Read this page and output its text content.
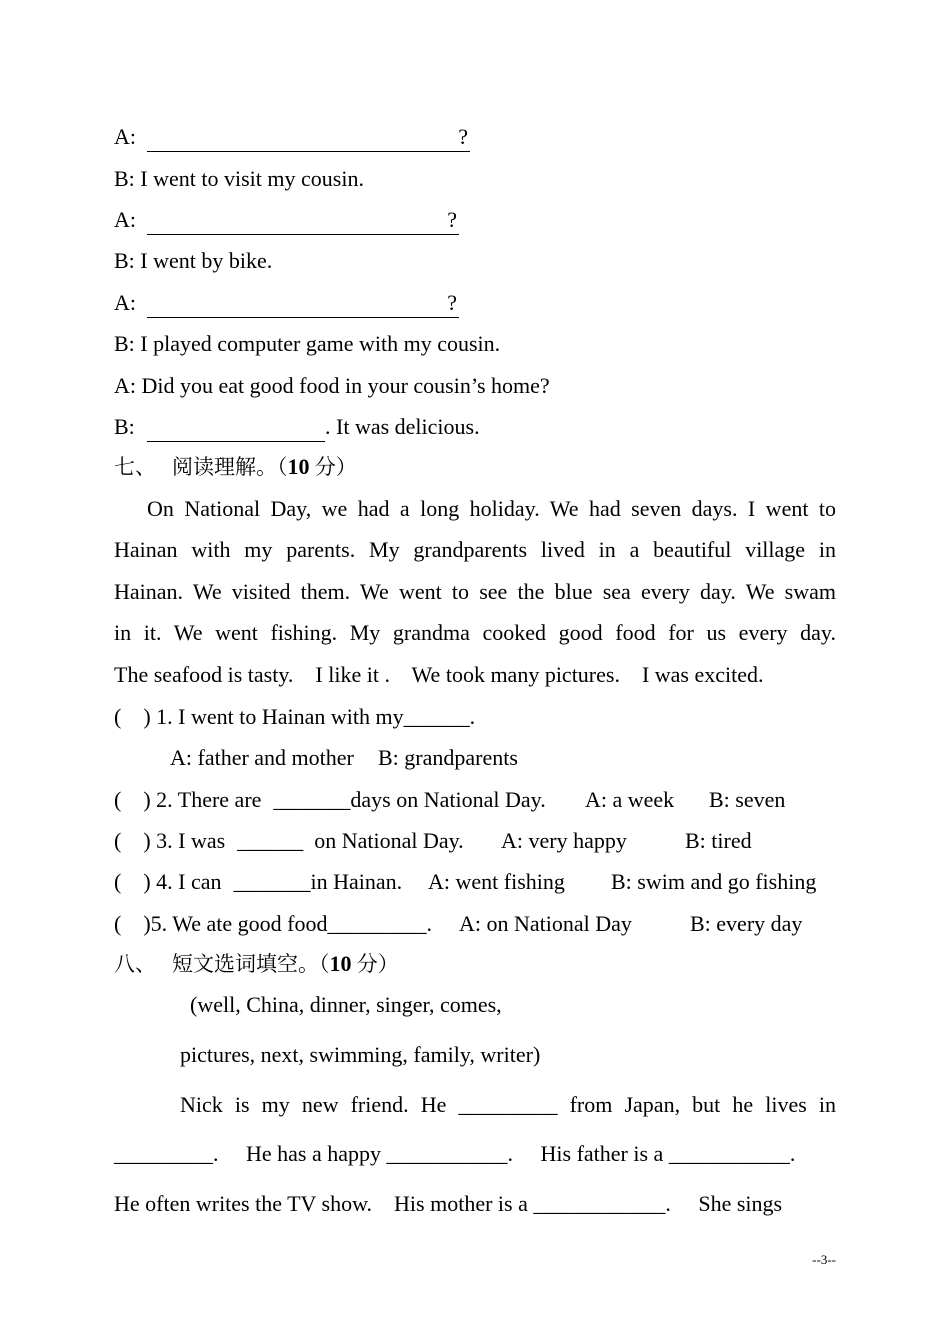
A:	?
B: I went to visit my cousin.
A:	?
B: I went by bike.
A:	?
B: I played computer game with my cousin.
A: Did you eat good food in your cousin’s home?
B:	. It was delicious.
七、 阅读理解。（10 分）
On National Day, we had a long holiday. We had seven days. I went to
Hainan with my parents. My grandparents lived in a beautiful village in
Hainan. We visited them. We went to see the blue sea every day. We swam
in it. We went fishing. My grandma cooked good food for us every day.
The seafood is tasty.    I like it .    We took many pictures.    I was excited.
(    ) 1. I went to Hainan with my______.
A: father and mother B: grandparents
(    ) 2. There are _______days on National Day. A: a week B: seven
(    ) 3. I was ______ on National Day. A: very happy	B: tired
(    ) 4. I can _______in Hainan. A: went fishing B: swim and go fishing
(    )5. We ate good food_________. A: on National Day	B: every day
八、 短文选词填空。（10 分）
(well, China, dinner, singer, comes,
pictures, next, swimming, family, writer)
Nick is my new friend. He _________ from Japan, but he lives in
_________.     He has a happy ___________.     His father is a ___________.
He often writes the TV show.    His mother is a ____________.     She sings
--3--
